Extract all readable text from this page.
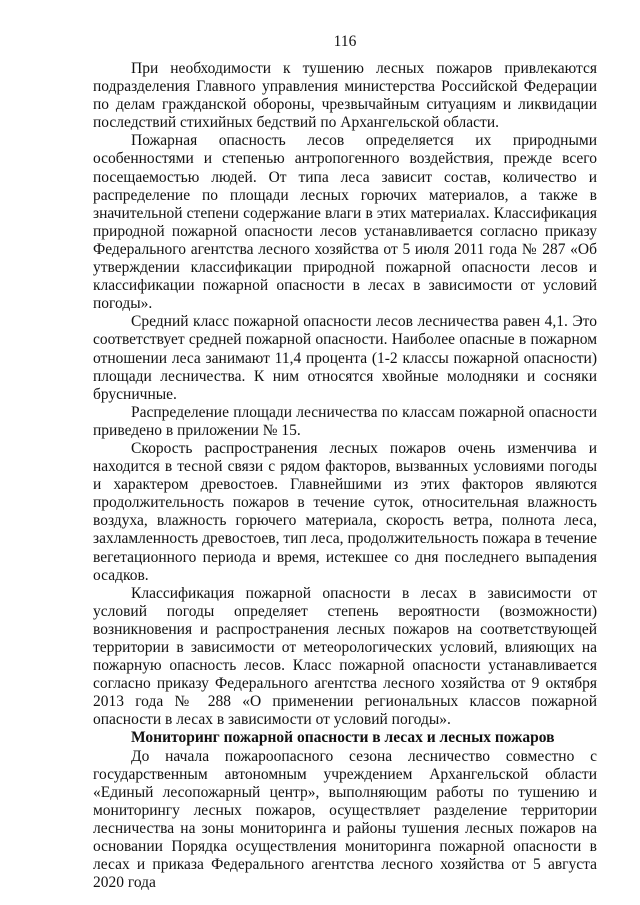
116

При необходимости к тушению лесных пожаров привлекаются подразделения Главного управления министерства Российской Федерации по делам гражданской обороны, чрезвычайным ситуациям и ликвидации последствий стихийных бедствий по Архангельской области.

Пожарная опасность лесов определяется их природными особенностями и степенью антропогенного воздействия, прежде всего посещаемостью людей. От типа леса зависит состав, количество и распределение по площади лесных горючих материалов, а также в значительной степени содержание влаги в этих материалах. Классификация природной пожарной опасности лесов устанавливается согласно приказу Федерального агентства лесного хозяйства от 5 июля 2011 года № 287 «Об утверждении классификации природной пожарной опасности лесов и классификации пожарной опасности в лесах в зависимости от условий погоды».

Средний класс пожарной опасности лесов лесничества равен 4,1. Это соответствует средней пожарной опасности. Наиболее опасные в пожарном отношении леса занимают 11,4 процента (1-2 классы пожарной опасности) площади лесничества. К ним относятся хвойные молодняки и сосняки брусничные.

Распределение площади лесничества по классам пожарной опасности приведено в приложении № 15.

Скорость распространения лесных пожаров очень изменчива и находится в тесной связи с рядом факторов, вызванных условиями погоды и характером древостоев. Главнейшими из этих факторов являются продолжительность пожаров в течение суток, относительная влажность воздуха, влажность горючего материала, скорость ветра, полнота леса, захламленность древостоев, тип леса, продолжительность пожара в течение вегетационного периода и время, истекшее со дня последнего выпадения осадков.

Классификация пожарной опасности в лесах в зависимости от условий погоды определяет степень вероятности (возможности) возникновения и распространения лесных пожаров на соответствующей территории в зависимости от метеорологических условий, влияющих на пожарную опасность лесов. Класс пожарной опасности устанавливается согласно приказу Федерального агентства лесного хозяйства от 9 октября 2013 года № 288 «О применении региональных классов пожарной опасности в лесах в зависимости от условий погоды».

Мониторинг пожарной опасности в лесах и лесных пожаров

До начала пожароопасного сезона лесничество совместно с государственным автономным учреждением Архангельской области «Единый лесопожарный центр», выполняющим работы по тушению и мониторингу лесных пожаров, осуществляет разделение территории лесничества на зоны мониторинга и районы тушения лесных пожаров на основании Порядка осуществления мониторинга пожарной опасности в лесах и приказа Федерального агентства лесного хозяйства от 5 августа 2020 года
